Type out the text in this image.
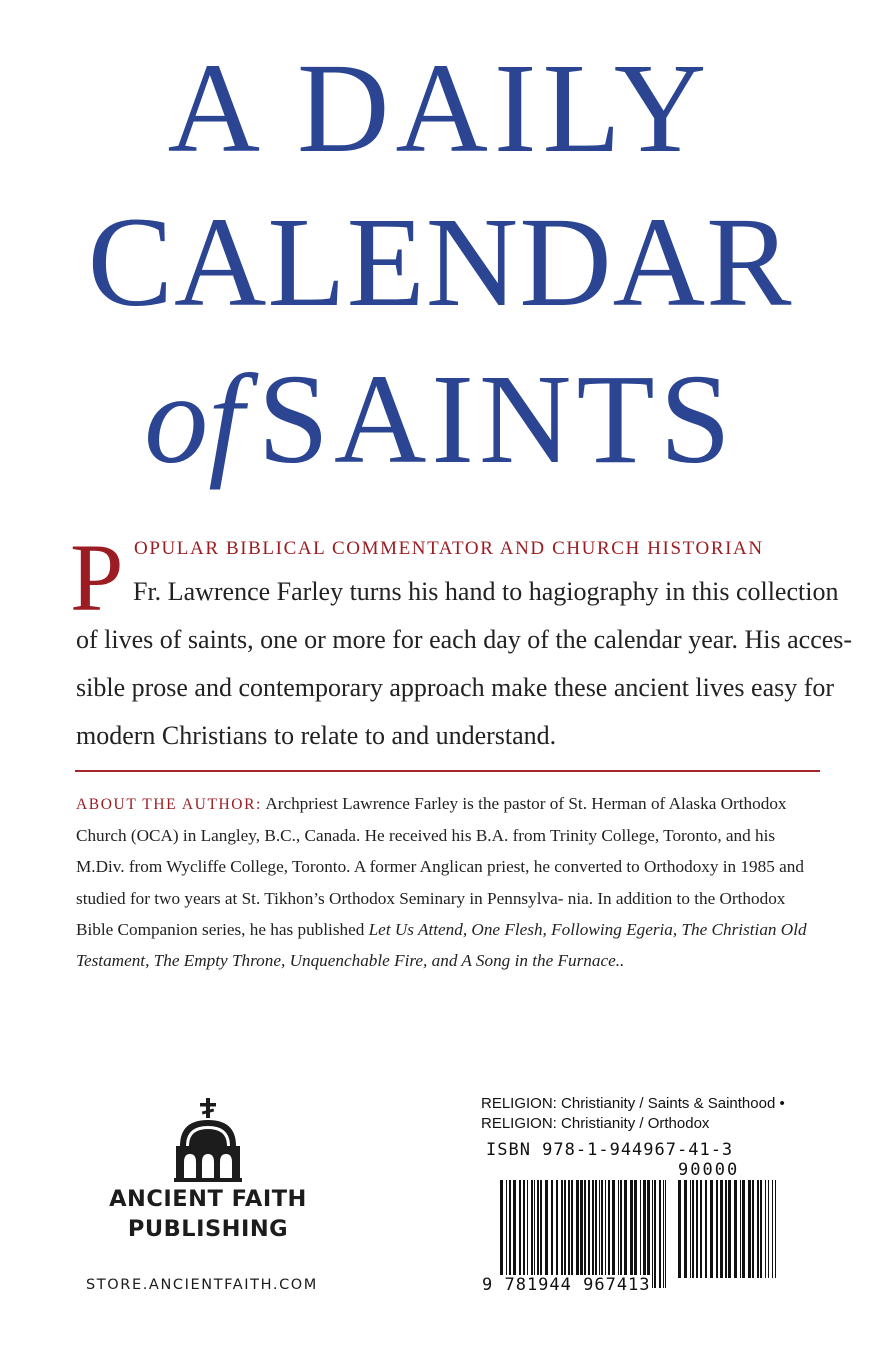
A DAILY
CALENDAR
of SAINTS
P OPULAR BIBLICAL COMMENTATOR AND CHURCH HISTORIAN
Fr. Lawrence Farley turns his hand to hagiography in this collection
of lives of saints, one or more for each day of the calendar year. His acces-
sible prose and contemporary approach make these ancient lives easy for
modern Christians to relate to and understand.
ABOUT THE AUTHOR: Archpriest Lawrence Farley is the pastor of St. Herman of Alaska Orthodox Church (OCA) in Langley, B.C., Canada. He received his B.A. from Trinity College, Toronto, and his M.Div. from Wycliffe College, Toronto. A former Anglican priest, he converted to Orthodoxy in 1985 and studied for two years at St. Tikhon’s Orthodox Seminary in Pennsylva- nia. In addition to the Orthodox Bible Companion series, he has published Let Us Attend, One Flesh, Following Egeria, The Christian Old Testament, The Empty Throne, Unquenchable Fire, and A Song in the Furnace..
ANCIENT FAITH
PUBLISHING
STORE.ANCIENTFAITH.COM
RELIGION: Christianity / Saints & Sainthood •
RELIGION: Christianity / Orthodox
ISBN 978-1-944967-41-3
90000
9 781944 967413
